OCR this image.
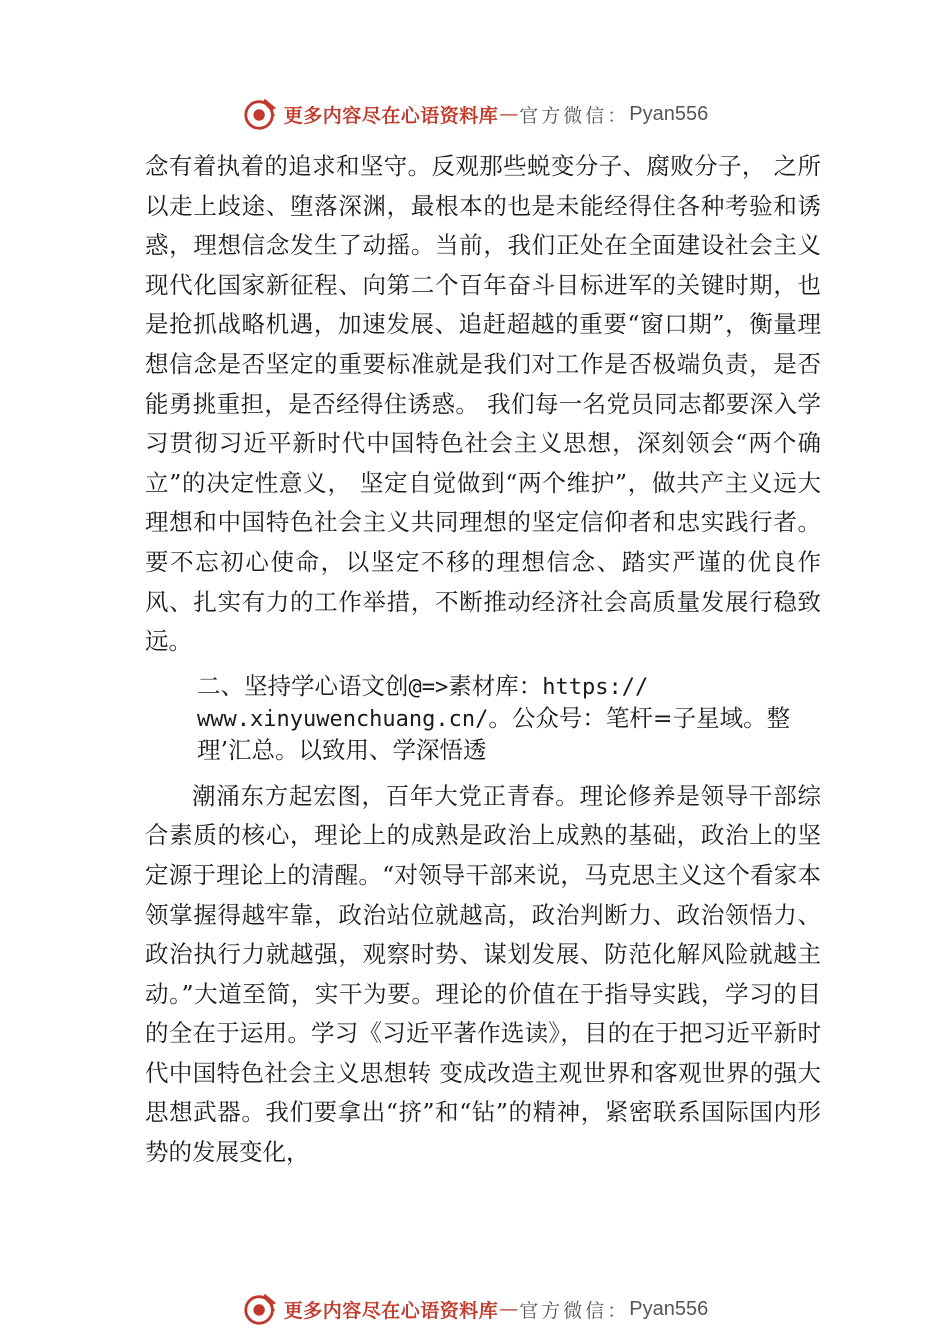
更多内容尽在心语资料库 — 官方微信： Pyan556

念有着执着的追求和坚守。反观那些蜕变分子、腐败分子， 之所以走上歧途、堕落深渊，最根本的也是未能经得住各种考验和诱惑，理想信念发生了动摇。当前，我们正处在全面建设社会主义现代化国家新征程、向第二个百年奋斗目标进军的关键时期，也是抢抓战略机遇，加速发展、追赶超越的重要“窗口期”，衡量理想信念是否坚定的重要标准就是我们对工作是否极端负责，是否能勇挑重担，是否经得住诱惑。 我们每一名党员同志都要深入学习贯彻习近平新时代中国特色社会主义思想，深刻领会“两个确立”的决定性意义， 坚定自觉做到“两个维护”，做共产主义远大理想和中国特色社会主义共同理想的坚定信仰者和忠实践行者。要不忘初心使命，以坚定不移的理想信念、踏实严谨的优良作风、扎实有力的工作举措，不断推动经济社会高质量发展行稳致远。

二、坚持学心语文创@=>素材库：https://
www.xinyuwenchuang.cn/。公众号：笔杆=子星域。整理’汇总。以致用、学深悟透

潮涌东方起宏图，百年大党正青春。理论修养是领导干部综合素质的核心，理论上的成熟是政治上成熟的基础，政治上的坚定源于理论上的清醒。“对领导干部来说，马克思主义这个看家本领掌握得越牢靠，政治站位就越高，政治判断力、政治领悟力、政治执行力就越强，观察时势、谋划发展、防范化解风险就越主动。”大道至简，实干为要。理论的价值在于指导实践，学习的目的全在于运用。学习《习近平著作选读》，目的在于把习近平新时代中国特色社会主义思想转 变成改造主观世界和客观世界的强大思想武器。我们要拿出“挤”和“钻”的精神，紧密联系国际国内形势的发展变化，

更多内容尽在心语资料库 — 官方微信： Pyan556
